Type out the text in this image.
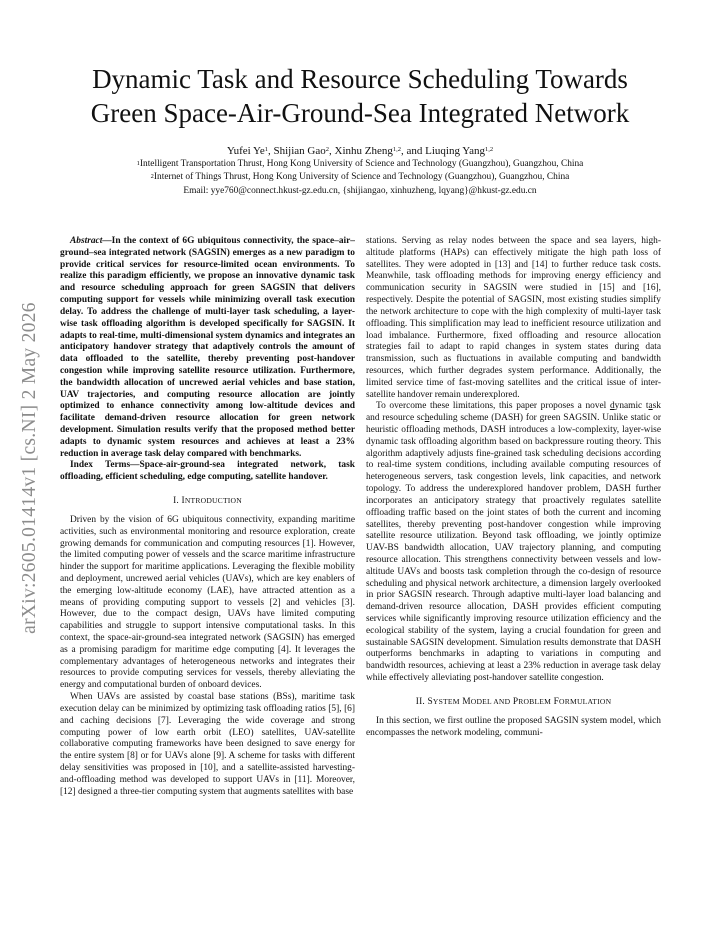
arXiv:2605.01414v1 [cs.NI] 2 May 2026
Dynamic Task and Resource Scheduling Towards
Green Space-Air-Ground-Sea Integrated Network
Yufei Ye$^1$, Shijian Gao$^2$, Xinhu Zheng$^{1,2}$, and Liuqing Yang$^{1,2}$
$^1$Intelligent Transportation Thrust, Hong Kong University of Science and Technology (Guangzhou), Guangzhou, China
$^2$Internet of Things Thrust, Hong Kong University of Science and Technology (Guangzhou), Guangzhou, China
Email: yye760@connect.hkust-gz.edu.cn, {shijiangao, xinhuzheng, lqyang}@hkust-gz.edu.cn

Abstract—In the context of 6G ubiquitous connectivity, the space–air–ground–sea integrated network (SAGSIN) emerges as a new paradigm to provide critical services for resource-limited ocean environments. To realize this paradigm efficiently, we propose an innovative dynamic task and resource scheduling approach for green SAGSIN that delivers computing support for vessels while minimizing overall task execution delay. To address the challenge of multi-layer task scheduling, a layer-wise task offloading algorithm is developed specifically for SAGSIN. It adapts to real-time, multi-dimensional system dynamics and integrates an anticipatory handover strategy that adaptively controls the amount of data offloaded to the satellite, thereby preventing post-handover congestion while improving satellite resource utilization. Furthermore, the bandwidth allocation of uncrewed aerial vehicles and base station, UAV trajectories, and computing resource allocation are jointly optimized to enhance connectivity among low-altitude devices and facilitate demand-driven resource allocation for green network development. Simulation results verify that the proposed method better adapts to dynamic system resources and achieves at least a 23% reduction in average task delay compared with benchmarks.

Index Terms—Space-air-ground-sea integrated network, task offloading, efficient scheduling, edge computing, satellite handover.

I. INTRODUCTION

Driven by the vision of 6G ubiquitous connectivity, expanding maritime activities, such as environmental monitoring and resource exploration, create growing demands for communication and computing resources [1]. However, the limited computing power of vessels and the scarce maritime infrastructure hinder the support for maritime applications. Leveraging the flexible mobility and deployment, uncrewed aerial vehicles (UAVs), which are key enablers of the emerging low-altitude economy (LAE), have attracted attention as a means of providing computing support to vessels [2] and vehicles [3]. However, due to the compact design, UAVs have limited computing capabilities and struggle to support intensive computational tasks. In this context, the space-air-ground-sea integrated network (SAGSIN) has emerged as a promising paradigm for maritime edge computing [4]. It leverages the complementary advantages of heterogeneous networks and integrates their resources to provide computing services for vessels, thereby alleviating the energy and computational burden of onboard devices.

When UAVs are assisted by coastal base stations (BSs), maritime task execution delay can be minimized by optimizing task offloading ratios [5], [6] and caching decisions [7]. Leveraging the wide coverage and strong computing power of low earth orbit (LEO) satellites, UAV-satellite collaborative computing frameworks have been designed to save energy for the entire system [8] or for UAVs alone [9]. A scheme for tasks with different delay sensitivities was proposed in [10], and a satellite-assisted harvesting-and-offloading method was developed to support UAVs in [11]. Moreover, [12] designed a three-tier computing system that augments satellites with base

stations. Serving as relay nodes between the space and sea layers, high-altitude platforms (HAPs) can effectively mitigate the high path loss of satellites. They were adopted in [13] and [14] to further reduce task costs. Meanwhile, task offloading methods for improving energy efficiency and communication security in SAGSIN were studied in [15] and [16], respectively. Despite the potential of SAGSIN, most existing studies simplify the network architecture to cope with the high complexity of multi-layer task offloading. This simplification may lead to inefficient resource utilization and load imbalance. Furthermore, fixed offloading and resource allocation strategies fail to adapt to rapid changes in system states during data transmission, such as fluctuations in available computing and bandwidth resources, which further degrades system performance. Additionally, the limited service time of fast-moving satellites and the critical issue of inter-satellite handover remain underexplored.

To overcome these limitations, this paper proposes a novel dynamic task and resource scheduling scheme (DASH) for green SAGSIN. Unlike static or heuristic offloading methods, DASH introduces a low-complexity, layer-wise dynamic task offloading algorithm based on backpressure routing theory. This algorithm adaptively adjusts fine-grained task scheduling decisions according to real-time system conditions, including available computing resources of heterogeneous servers, task congestion levels, link capacities, and network topology. To address the underexplored handover problem, DASH further incorporates an anticipatory strategy that proactively regulates satellite offloading traffic based on the joint states of both the current and incoming satellites, thereby preventing post-handover congestion while improving satellite resource utilization. Beyond task offloading, we jointly optimize UAV-BS bandwidth allocation, UAV trajectory planning, and computing resource allocation. This strengthens connectivity between vessels and low-altitude UAVs and boosts task completion through the co-design of resource scheduling and physical network architecture, a dimension largely overlooked in prior SAGSIN research. Through adaptive multi-layer load balancing and demand-driven resource allocation, DASH provides efficient computing services while significantly improving resource utilization efficiency and the ecological stability of the system, laying a crucial foundation for green and sustainable SAGSIN development. Simulation results demonstrate that DASH outperforms benchmarks in adapting to variations in computing and bandwidth resources, achieving at least a 23% reduction in average task delay while effectively alleviating post-handover satellite congestion.

II. SYSTEM MODEL AND PROBLEM FORMULATION

In this section, we first outline the proposed SAGSIN system model, which encompasses the network modeling, communi-
